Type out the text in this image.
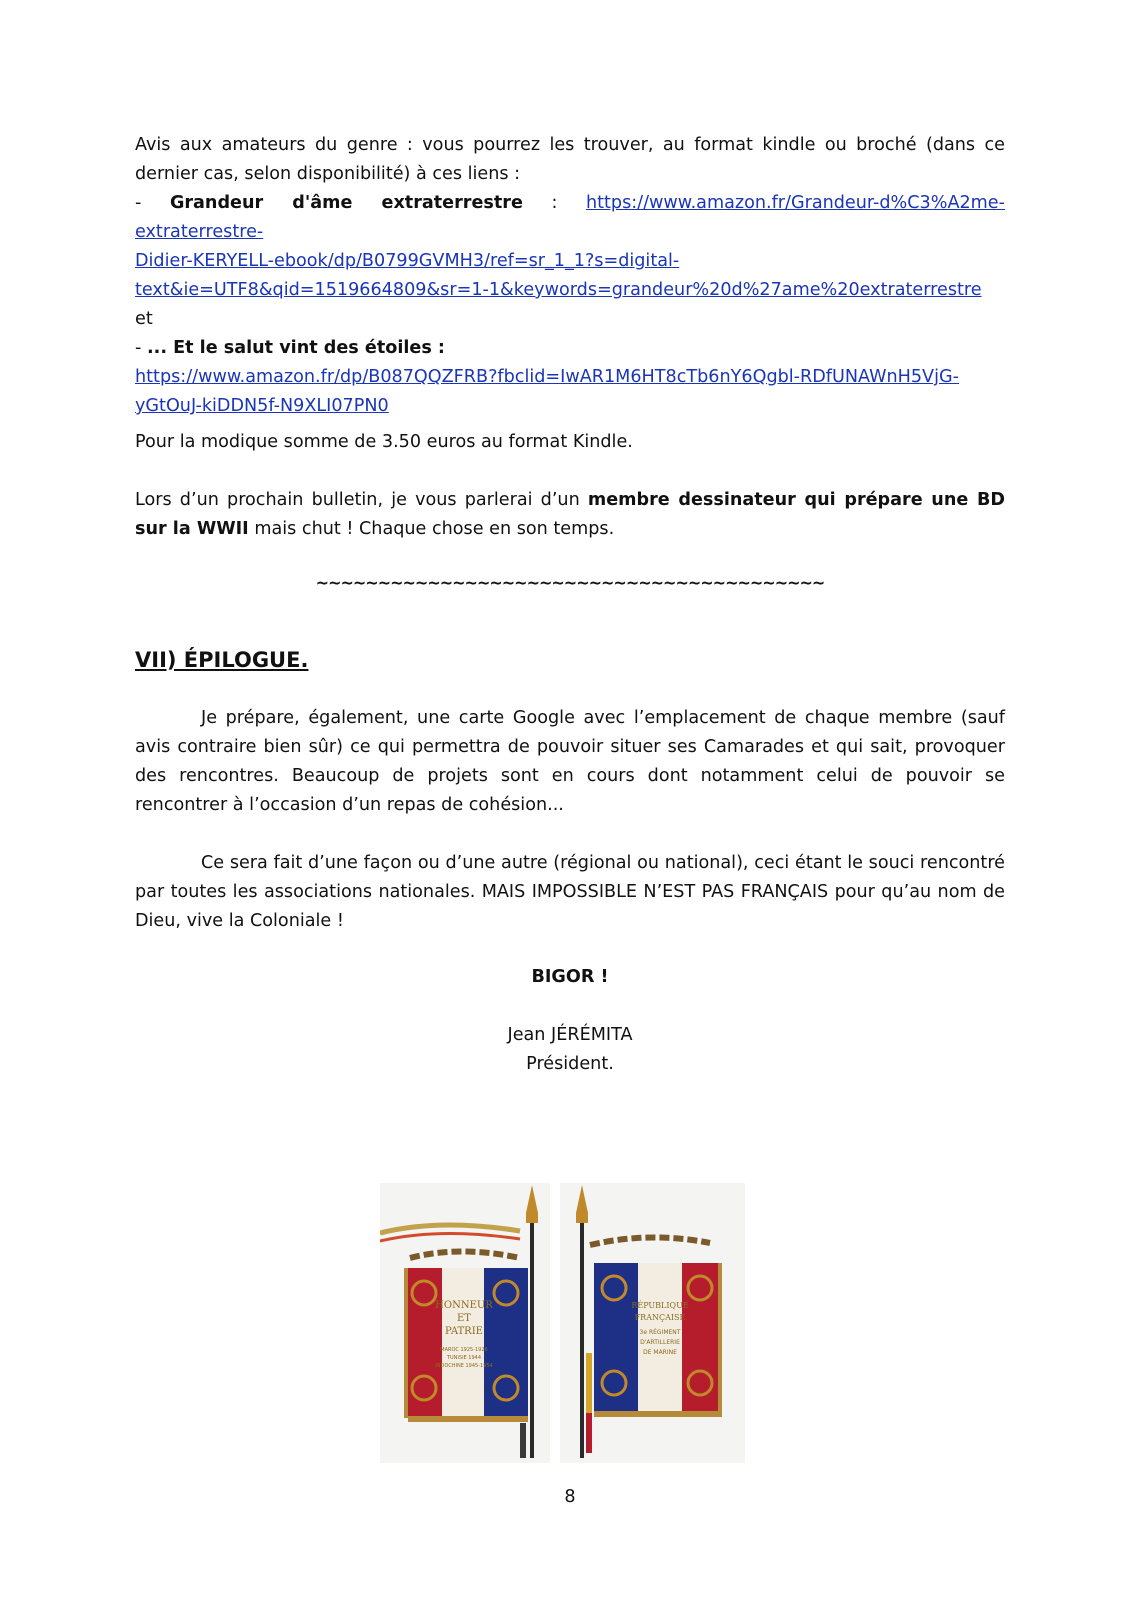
Avis aux amateurs du genre : vous pourrez les trouver, au format kindle ou broché (dans ce dernier cas, selon disponibilité) à ces liens :
- Grandeur d'âme extraterrestre : https://www.amazon.fr/Grandeur-d%C3%A2me-extraterrestre-
Didier-KERYELL-ebook/dp/B0799GVMH3/ref=sr_1_1?s=digital-
text&ie=UTF8&qid=1519664809&sr=1-1&keywords=grandeur%20d%27ame%20extraterrestre
et
- ... Et le salut vint des étoiles :
https://www.amazon.fr/dp/B087QQZFRB?fbclid=IwAR1M6HT8cTb6nY6Qgbl-RDfUNAWnH5VjG-
yGtOuJ-kiDDN5f-N9XLI07PN0
Pour la modique somme de 3.50 euros au format Kindle.
Lors d’un prochain bulletin, je vous parlerai d’un membre dessinateur qui prépare une BD sur la WWII mais chut ! Chaque chose en son temps.
~~~~~~~~~~~~~~~~~~~~~~~~~~~~~~~~~~~~~~~~~
VII) ÉPILOGUE.
Je prépare, également, une carte Google avec l’emplacement de chaque membre (sauf avis contraire bien sûr) ce qui permettra de pouvoir situer ses Camarades et qui sait, provoquer des rencontres. Beaucoup de projets sont en cours dont notamment celui de pouvoir se rencontrer à l’occasion d’un repas de cohésion...
Ce sera fait d’une façon ou d’une autre (régional ou national), ceci étant le souci rencontré par toutes les associations nationales. MAIS IMPOSSIBLE N’EST PAS FRANÇAIS pour qu’au nom de Dieu, vive la Coloniale !
BIGOR !
Jean JÉRÉMITA
Président.
HONNEUR
ET
PATRIE
MAROC 1925-1926
TUNISIE 1944
INDOCHINE 1945-1954
RÉPUBLIQUE
FRANÇAISE
3e RÉGIMENT
D'ARTILLERIE
DE MARINE
8
